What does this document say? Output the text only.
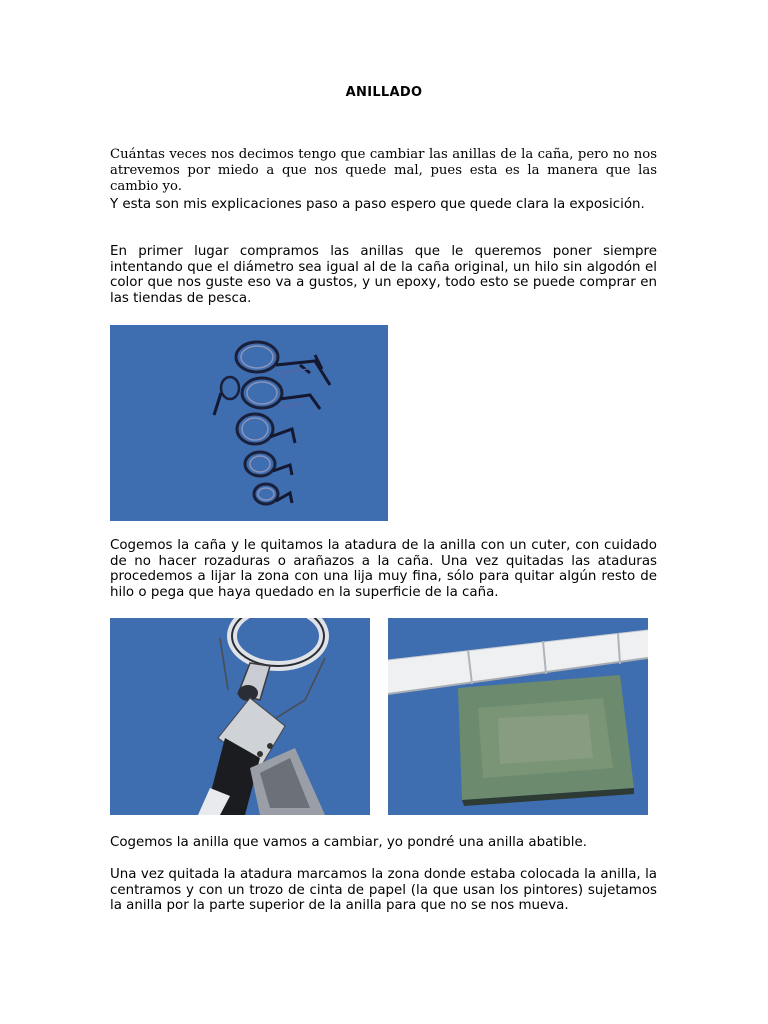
ANILLADO

Cuántas veces nos decimos tengo que cambiar las anillas de la caña, pero no nos atrevemos por miedo a que nos quede mal, pues esta es la manera que las cambio yo.

Y esta son mis explicaciones paso a paso espero que quede clara la exposición.

En primer lugar compramos las anillas que le queremos poner siempre intentando que el diámetro sea igual al de la caña original, un hilo sin algodón el color que nos guste eso va a gustos, y un epoxy, todo esto se puede comprar en las tiendas de pesca.

Cogemos la caña y le quitamos la atadura de la anilla con un cuter, con cuidado de no hacer rozaduras o arañazos a la caña. Una vez quitadas las ataduras procedemos a lijar la zona con una lija muy fina, sólo para quitar algún resto de hilo o pega que haya quedado en la superficie de la caña.

Cogemos la anilla que vamos a cambiar, yo pondré una anilla abatible.

Una vez quitada la atadura marcamos la zona donde estaba colocada la anilla, la centramos y con un trozo de cinta de papel (la que usan los pintores) sujetamos la anilla por la parte superior de la anilla para que no se nos mueva.
